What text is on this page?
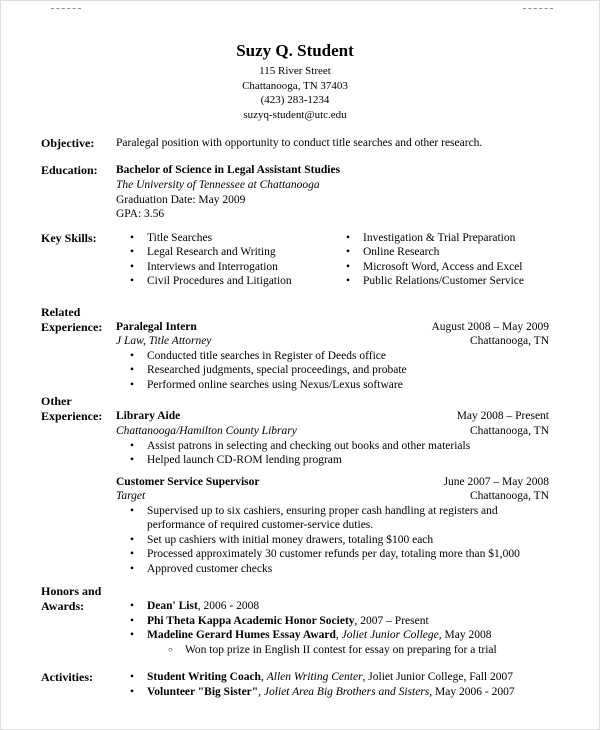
Suzy Q. Student
115 River Street
Chattanooga, TN 37403
(423) 283-1234
suzyq-student@utc.edu
Objective:	Paralegal position with opportunity to conduct title searches and other research.
Education:	Bachelor of Science in Legal Assistant Studies
The University of Tennessee at Chattanooga
Graduation Date: May 2009
GPA: 3.56
Key Skills:	•	Title Searches
•	Legal Research and Writing
•	Interviews and Interrogation
•	Civil Procedures and Litigation
•	Investigation & Trial Preparation
•	Online Research
•	Microsoft Word, Access and Excel
•	Public Relations/Customer Service
Related
Experience:	Paralegal Intern	August 2008 – May 2009
J Law, Title Attorney	Chattanooga, TN
•	Conducted title searches in Register of Deeds office
•	Researched judgments, special proceedings, and probate
•	Performed online searches using Nexus/Lexus software
Other
Experience:	Library Aide	May 2008 – Present
Chattanooga/Hamilton County Library	Chattanooga, TN
•	Assist patrons in selecting and checking out books and other materials
•	Helped launch CD-ROM lending program
Customer Service Supervisor	June 2007 – May 2008
Target	Chattanooga, TN
•	Supervised up to six cashiers, ensuring proper cash handling at registers and performance of required customer-service duties.
•	Set up cashiers with initial money drawers, totaling $100 each
•	Processed approximately 30 customer refunds per day, totaling more than $1,000
•	Approved customer checks
Honors and
Awards:	•	Dean' List, 2006 - 2008
•	Phi Theta Kappa Academic Honor Society, 2007 – Present
•	Madeline Gerard Humes Essay Award, Joliet Junior College, May 2008
○	Won top prize in English II contest for essay on preparing for a trial
Activities:	•	Student Writing Coach, Allen Writing Center, Joliet Junior College, Fall 2007
•	Volunteer "Big Sister", Joliet Area Big Brothers and Sisters, May 2006 - 2007
